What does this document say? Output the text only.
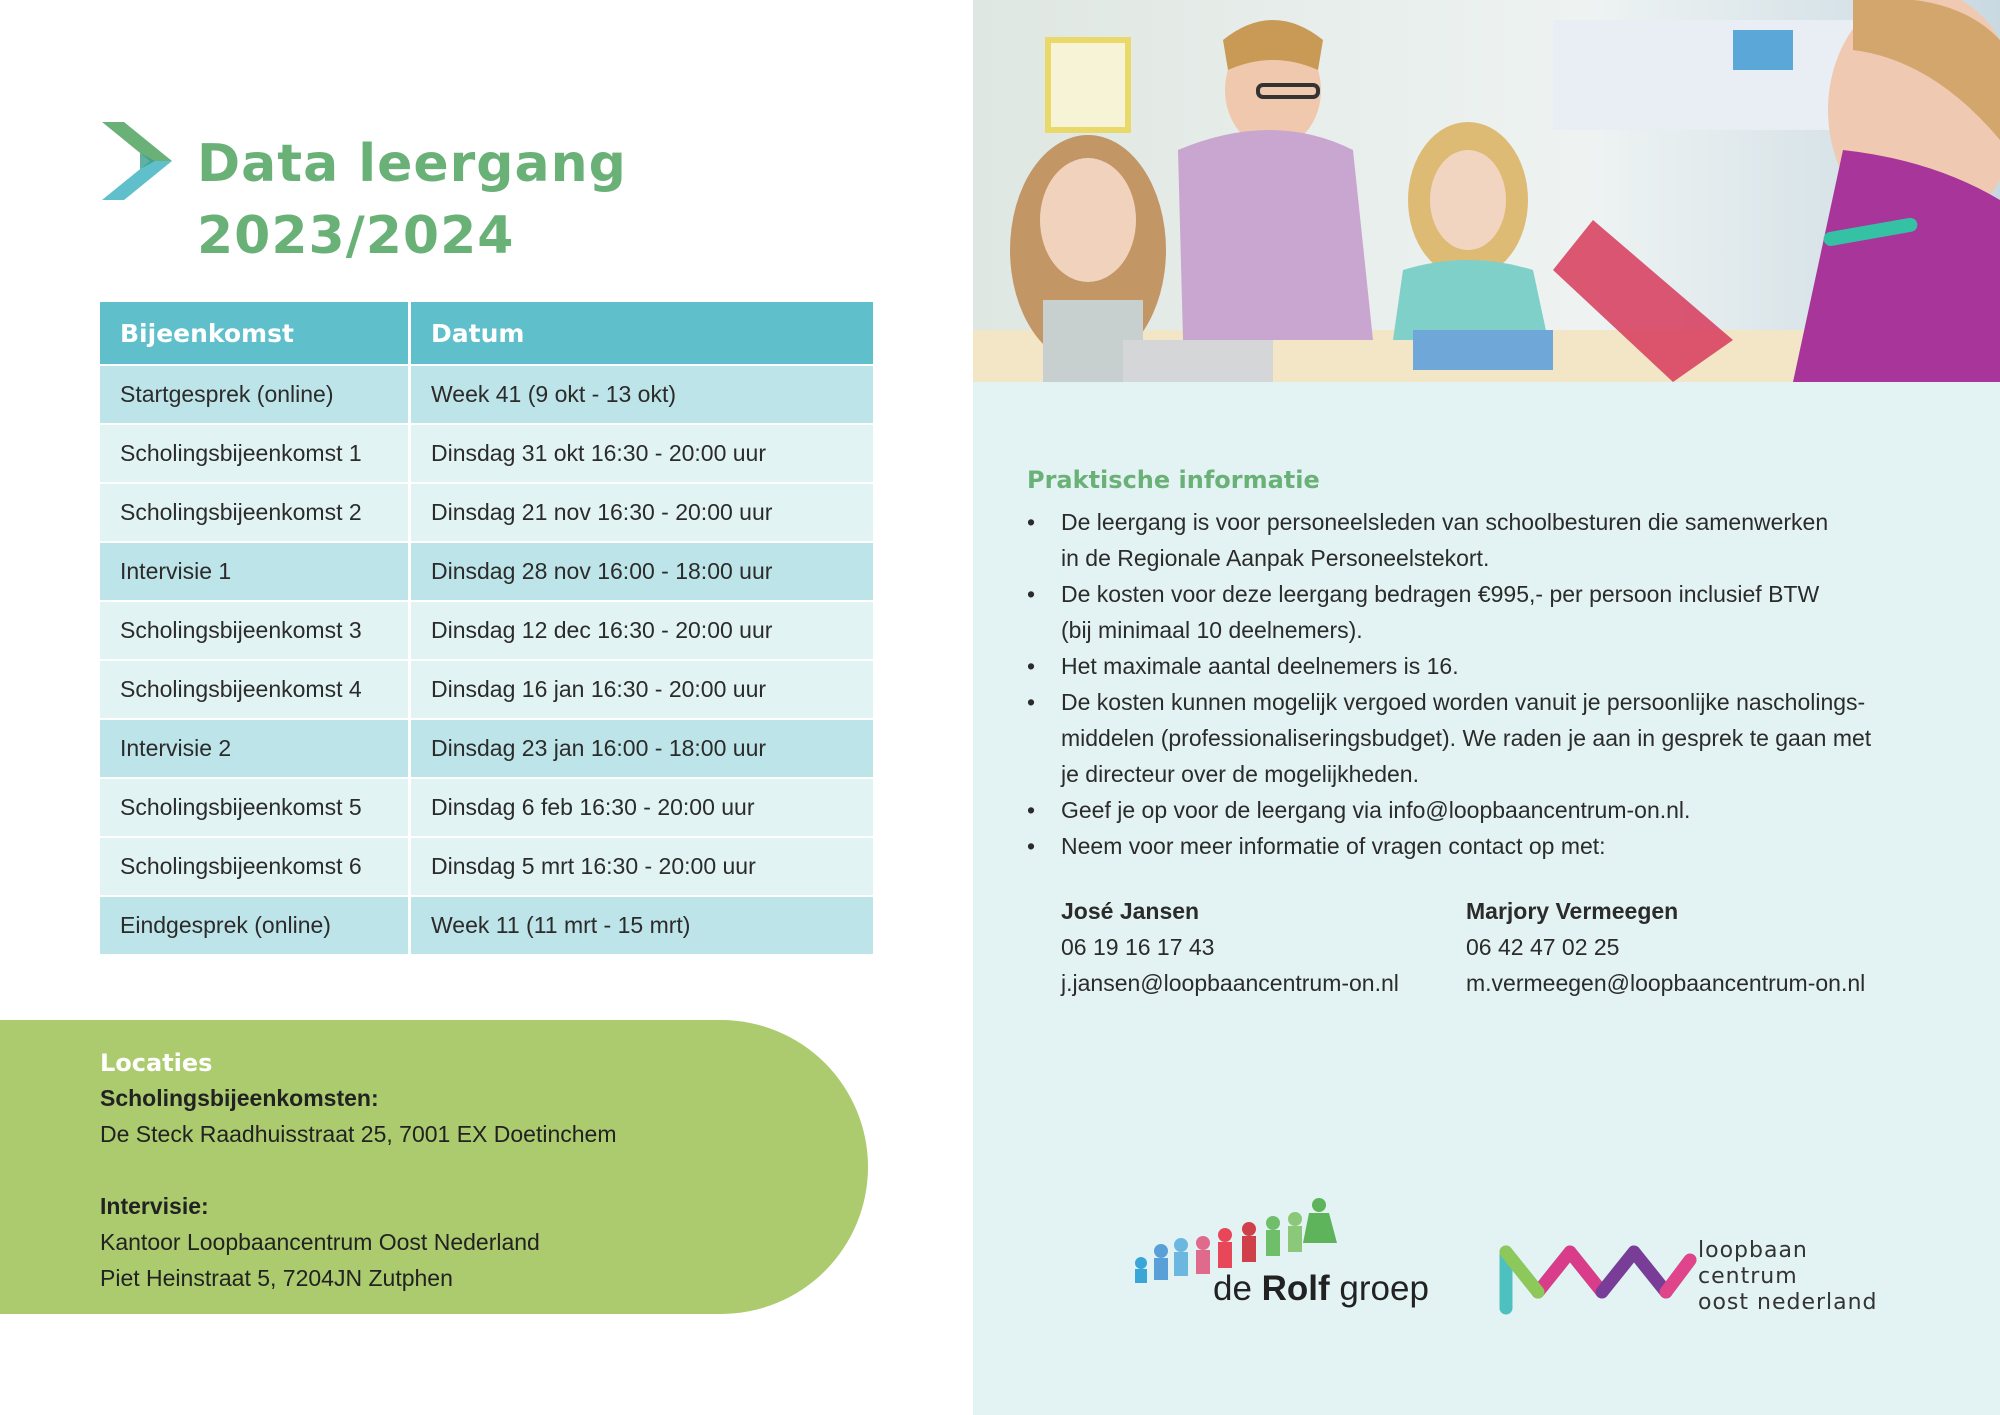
Data leergang
2023/2024
Bijeenkomst	Datum
Startgesprek (online)	Week 41 (9 okt - 13 okt)
Scholingsbijeenkomst 1	Dinsdag 31 okt 16:30 - 20:00 uur
Scholingsbijeenkomst 2	Dinsdag 21 nov 16:30 - 20:00 uur
Intervisie 1	Dinsdag 28 nov 16:00 - 18:00 uur
Scholingsbijeenkomst 3	Dinsdag 12 dec 16:30 - 20:00 uur
Scholingsbijeenkomst 4	Dinsdag 16 jan 16:30 - 20:00 uur
Intervisie 2	Dinsdag 23 jan 16:00 - 18:00 uur
Scholingsbijeenkomst 5	Dinsdag 6 feb 16:30 - 20:00 uur
Scholingsbijeenkomst 6	Dinsdag 5 mrt 16:30 - 20:00 uur
Eindgesprek (online)	Week 11 (11 mrt - 15 mrt)
Locaties
Scholingsbijeenkomsten:
De Steck Raadhuisstraat 25, 7001 EX Doetinchem
Intervisie:
Kantoor Loopbaancentrum Oost Nederland
Piet Heinstraat 5, 7204JN Zutphen
Praktische informatie
• De leergang is voor personeelsleden van schoolbesturen die samenwerken
in de Regionale Aanpak Personeelstekort.
• De kosten voor deze leergang bedragen €995,- per persoon inclusief BTW
(bij minimaal 10 deelnemers).
• Het maximale aantal deelnemers is 16.
• De kosten kunnen mogelijk vergoed worden vanuit je persoonlijke nascholings-
middelen (professionaliseringsbudget). We raden je aan in gesprek te gaan met
je directeur over de mogelijkheden.
• Geef je op voor de leergang via info@loopbaancentrum-on.nl.
• Neem voor meer informatie of vragen contact op met:
José Jansen
06 19 16 17 43
j.jansen@loopbaancentrum-on.nl
Marjory Vermeegen
06 42 47 02 25
m.vermeegen@loopbaancentrum-on.nl
de Rolf groep
loopbaan
centrum
oost nederland
